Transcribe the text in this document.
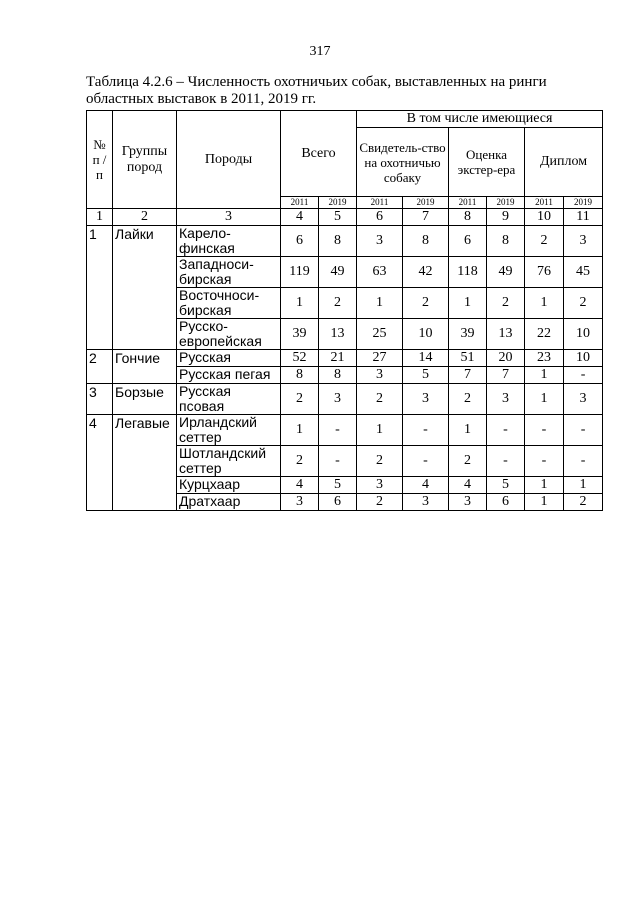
317
Таблица 4.2.6 – Численность охотничьих собак, выставленных на ринги областных выставок в 2011, 2019 гг.
№ п / п	Группы пород	Породы	Всего		В том числе имеющиеся					
					Свидетель-ство на охотничью собаку		Оценка экстер-ера		Диплом	
			2011	2019	2011	2019	2011	2019	2011	2019
1	2	3	4	5	6	7	8	9	10	11
1	Лайки	Карело-финская	6	8	3	8	6	8	2	3
		Западноси-бирская	119	49	63	42	118	49	76	45
		Восточноси-бирская	1	2	1	2	1	2	1	2
		Русско-европейская	39	13	25	10	39	13	22	10
2	Гончие	Русская	52	21	27	14	51	20	23	10
		Русская пегая	8	8	3	5	7	7	1	-
3	Борзые	Русская псовая	2	3	2	3	2	3	1	3
4	Легавые	Ирландский сеттер	1	-	1	-	1	-	-	-
		Шотландский сеттер	2	-	2	-	2	-	-	-
		Курцхаар	4	5	3	4	4	5	1	1
		Дратхаар	3	6	2	3	3	6	1	2
